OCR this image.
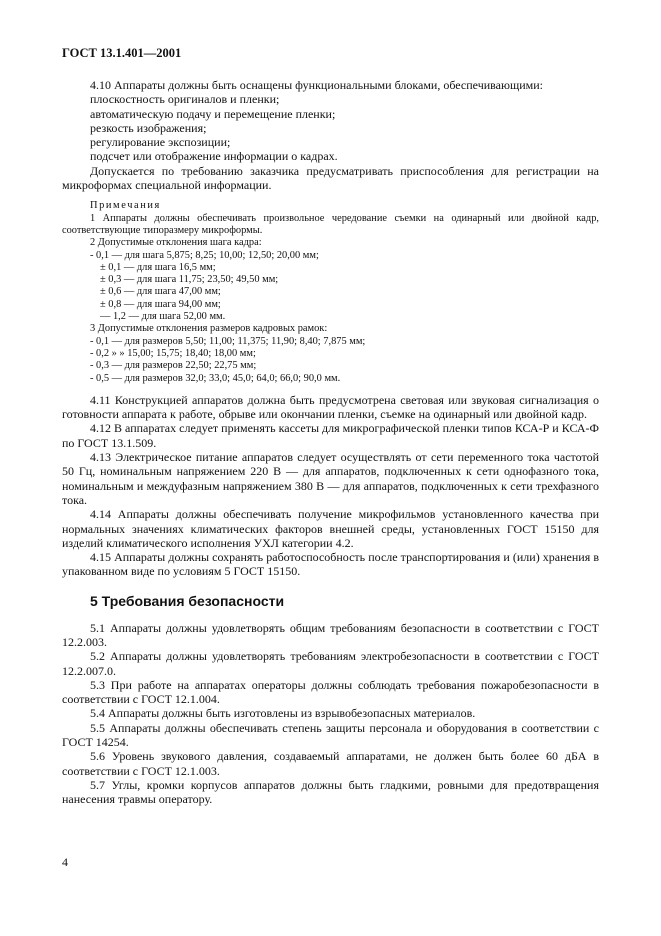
ГОСТ 13.1.401—2001

4.10 Аппараты должны быть оснащены функциональными блоками, обеспечивающими:

плоскостность оригиналов и пленки;

автоматическую подачу и перемещение пленки;

резкость изображения;

регулирование экспозиции;

подсчет или отображение информации о кадрах.

Допускается по требованию заказчика предусматривать приспособления для регистрации на микроформах специальной информации.

Примечания

1 Аппараты должны обеспечивать произвольное чередование съемки на одинарный или двойной кадр, соответствующие типоразмеру микроформы.

2 Допустимые отклонения шага кадра:

- 0,1 — для шага 5,875; 8,25; 10,00; 12,50; 20,00 мм;

± 0,1 — для шага 16,5 мм;

± 0,3 — для шага 11,75; 23,50; 49,50 мм;

± 0,6 — для шага 47,00 мм;

± 0,8 — для шага 94,00 мм;

— 1,2 — для шага 52,00 мм.

3 Допустимые отклонения размеров кадровых рамок:

- 0,1 — для размеров 5,50; 11,00; 11,375; 11,90; 8,40; 7,875 мм;

- 0,2 » » 15,00; 15,75; 18,40; 18,00 мм;

- 0,3 — для размеров 22,50; 22,75 мм;

- 0,5 — для размеров 32,0; 33,0; 45,0; 64,0; 66,0; 90,0 мм.

4.11 Конструкцией аппаратов должна быть предусмотрена световая или звуковая сигнализация о готовности аппарата к работе, обрыве или окончании пленки, съемке на одинарный или двойной кадр.

4.12 В аппаратах следует применять кассеты для микрографической пленки типов КСА-Р и КСА-Ф по ГОСТ 13.1.509.

4.13 Электрическое питание аппаратов следует осуществлять от сети переменного тока частотой 50 Гц, номинальным напряжением 220 В — для аппаратов, подключенных к сети однофазного тока, номинальным и междуфазным напряжением 380 В — для аппаратов, подключенных к сети трехфазного тока.

4.14 Аппараты должны обеспечивать получение микрофильмов установленного качества при нормальных значениях климатических факторов внешней среды, установленных ГОСТ 15150 для изделий климатического исполнения УХЛ категории 4.2.

4.15 Аппараты должны сохранять работоспособность после транспортирования и (или) хранения в упакованном виде по условиям 5 ГОСТ 15150.

5 Требования безопасности

5.1 Аппараты должны удовлетворять общим требованиям безопасности в соответствии с ГОСТ 12.2.003.

5.2 Аппараты должны удовлетворять требованиям электробезопасности в соответствии с ГОСТ 12.2.007.0.

5.3 При работе на аппаратах операторы должны соблюдать требования пожаробезопасности в соответствии с ГОСТ 12.1.004.

5.4 Аппараты должны быть изготовлены из взрывобезопасных материалов.

5.5 Аппараты должны обеспечивать степень защиты персонала и оборудования в соответствии с ГОСТ 14254.

5.6 Уровень звукового давления, создаваемый аппаратами, не должен быть более 60 дБА в соответствии с ГОСТ 12.1.003.

5.7 Углы, кромки корпусов аппаратов должны быть гладкими, ровными для предотвращения нанесения травмы оператору.

4
